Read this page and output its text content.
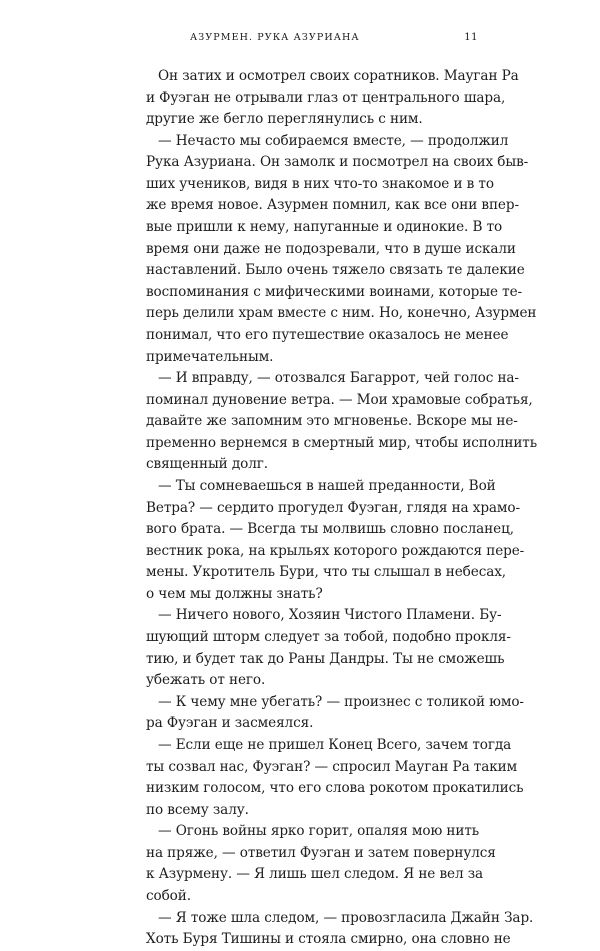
АЗУРМЕН. РУКА АЗУРИАНА	11
Он затих и осмотрел своих соратников. Мауган Ра
и Фуэган не отрывали глаз от центрального шара,
другие же бегло переглянулись с ним.
— Нечасто мы собираемся вместе, — продолжил
Рука Азуриана. Он замолк и посмотрел на своих быв-
ших учеников, видя в них что-то знакомое и в то
же время новое. Азурмен помнил, как все они впер-
вые пришли к нему, напуганные и одинокие. В то
время они даже не подозревали, что в душе искали
наставлений. Было очень тяжело связать те далекие
воспоминания с мифическими воинами, которые те-
перь делили храм вместе с ним. Но, конечно, Азурмен
понимал, что его путешествие оказалось не менее
примечательным.
— И вправду, — отозвался Багаррот, чей голос на-
поминал дуновение ветра. — Мои храмовые собратья,
давайте же запомним это мгновенье. Вскоре мы не-
пременно вернемся в смертный мир, чтобы исполнить
священный долг.
— Ты сомневаешься в нашей преданности, Вой
Ветра? — сердито прогудел Фуэган, глядя на храмо-
вого брата. — Всегда ты молвишь словно посланец,
вестник рока, на крыльях которого рождаются пере-
мены. Укротитель Бури, что ты слышал в небесах,
о чем мы должны знать?
— Ничего нового, Хозяин Чистого Пламени. Бу-
шующий шторм следует за тобой, подобно прокля-
тию, и будет так до Раны Дандры. Ты не сможешь
убежать от него.
— К чему мне убегать? — произнес с толикой юмо-
ра Фуэган и засмеялся.
— Если еще не пришел Конец Всего, зачем тогда
ты созвал нас, Фуэган? — спросил Мауган Ра таким
низким голосом, что его слова рокотом прокатились
по всему залу.
— Огонь войны ярко горит, опаляя мою нить
на пряже, — ответил Фуэган и затем повернулся
к Азурмену. — Я лишь шел следом. Я не вел за
собой.
— Я тоже шла следом, — провозгласила Джайн Зар.
Хоть Буря Тишины и стояла смирно, она словно не
